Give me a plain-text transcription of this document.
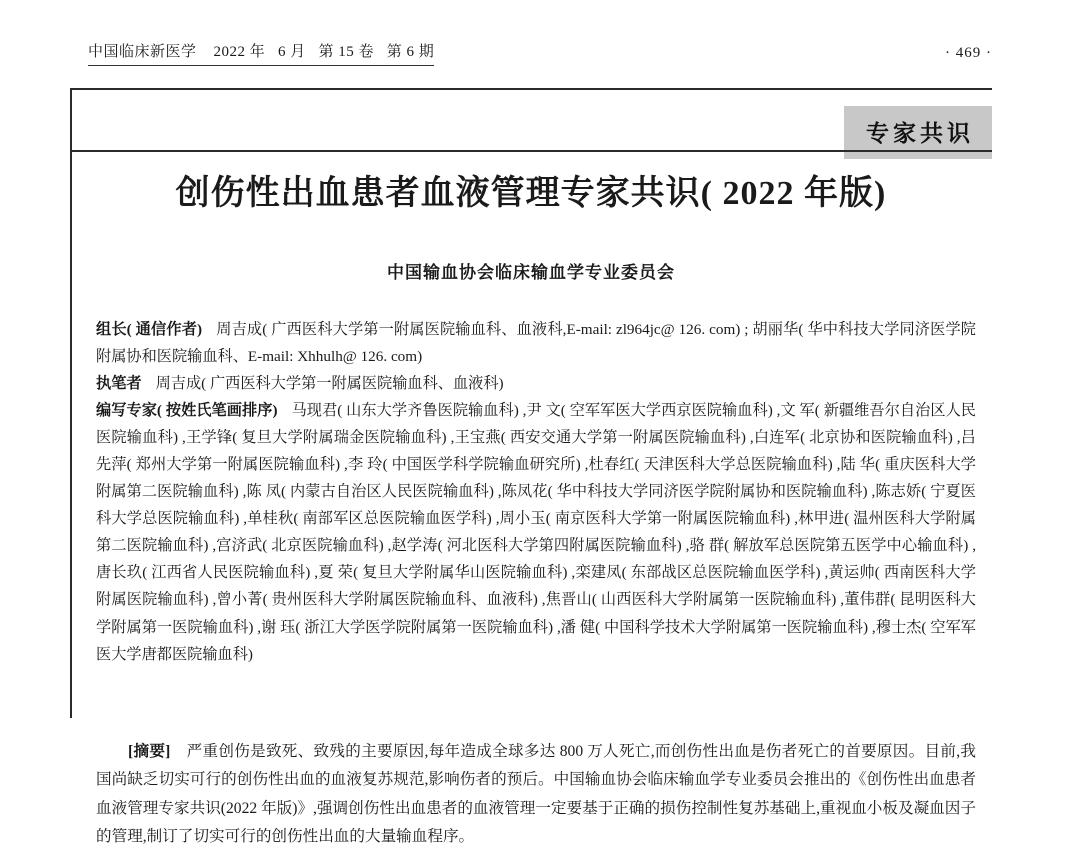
中国临床新医学    2022 年   6 月   第 15 卷   第 6 期	· 469 ·
专家共识
创伤性出血患者血液管理专家共识( 2022 年版)
中国输血协会临床输血学专业委员会

组长( 通信作者) 周吉成( 广西医科大学第一附属医院输血科、血液科,E-mail: zl964jc@ 126. com) ; 胡丽华( 华中科技大学同济医学院附属协和医院输血科、E-mail: Xhhulh@ 126. com)

执笔者 周吉成( 广西医科大学第一附属医院输血科、血液科)

编写专家( 按姓氏笔画排序) 马现君( 山东大学齐鲁医院输血科) ,尹 文( 空军军医大学西京医院输血科) ,文 军( 新疆维吾尔自治区人民医院输血科) ,王学锋( 复旦大学附属瑞金医院输血科) ,王宝燕( 西安交通大学第一附属医院输血科) ,白连军( 北京协和医院输血科) ,吕先萍( 郑州大学第一附属医院输血科) ,李 玲( 中国医学科学院输血研究所) ,杜春红( 天津医科大学总医院输血科) ,陆 华( 重庆医科大学附属第二医院输血科) ,陈 凤( 内蒙古自治区人民医院输血科) ,陈凤花( 华中科技大学同济医学院附属协和医院输血科) ,陈志娇( 宁夏医科大学总医院输血科) ,单桂秋( 南部军区总医院输血医学科) ,周小玉( 南京医科大学第一附属医院输血科) ,林甲进( 温州医科大学附属第二医院输血科) ,宫济武( 北京医院输血科) ,赵学涛( 河北医科大学第四附属医院输血科) ,骆 群( 解放军总医院第五医学中心输血科) ,唐长玖( 江西省人民医院输血科) ,夏 荣( 复旦大学附属华山医院输血科) ,栾建凤( 东部战区总医院输血医学科) ,黄运帅( 西南医科大学附属医院输血科) ,曾小菁( 贵州医科大学附属医院输血科、血液科) ,焦晋山( 山西医科大学附属第一医院输血科) ,董伟群( 昆明医科大学附属第一医院输血科) ,谢 珏( 浙江大学医学院附属第一医院输血科) ,潘 健( 中国科学技术大学附属第一医院输血科) ,穆士杰( 空军军医大学唐都医院输血科)

[摘要] 严重创伤是致死、致残的主要原因,每年造成全球多达 800 万人死亡,而创伤性出血是伤者死亡的首要原因。目前,我国尚缺乏切实可行的创伤性出血的血液复苏规范,影响伤者的预后。中国输血协会临床输血学专业委员会推出的《创伤性出血患者血液管理专家共识(2022 年版)》,强调创伤性出血患者的血液管理一定要基于正确的损伤控制性复苏基础上,重视血小板及凝血因子的管理,制订了切实可行的创伤性出血的大量输血程序。
